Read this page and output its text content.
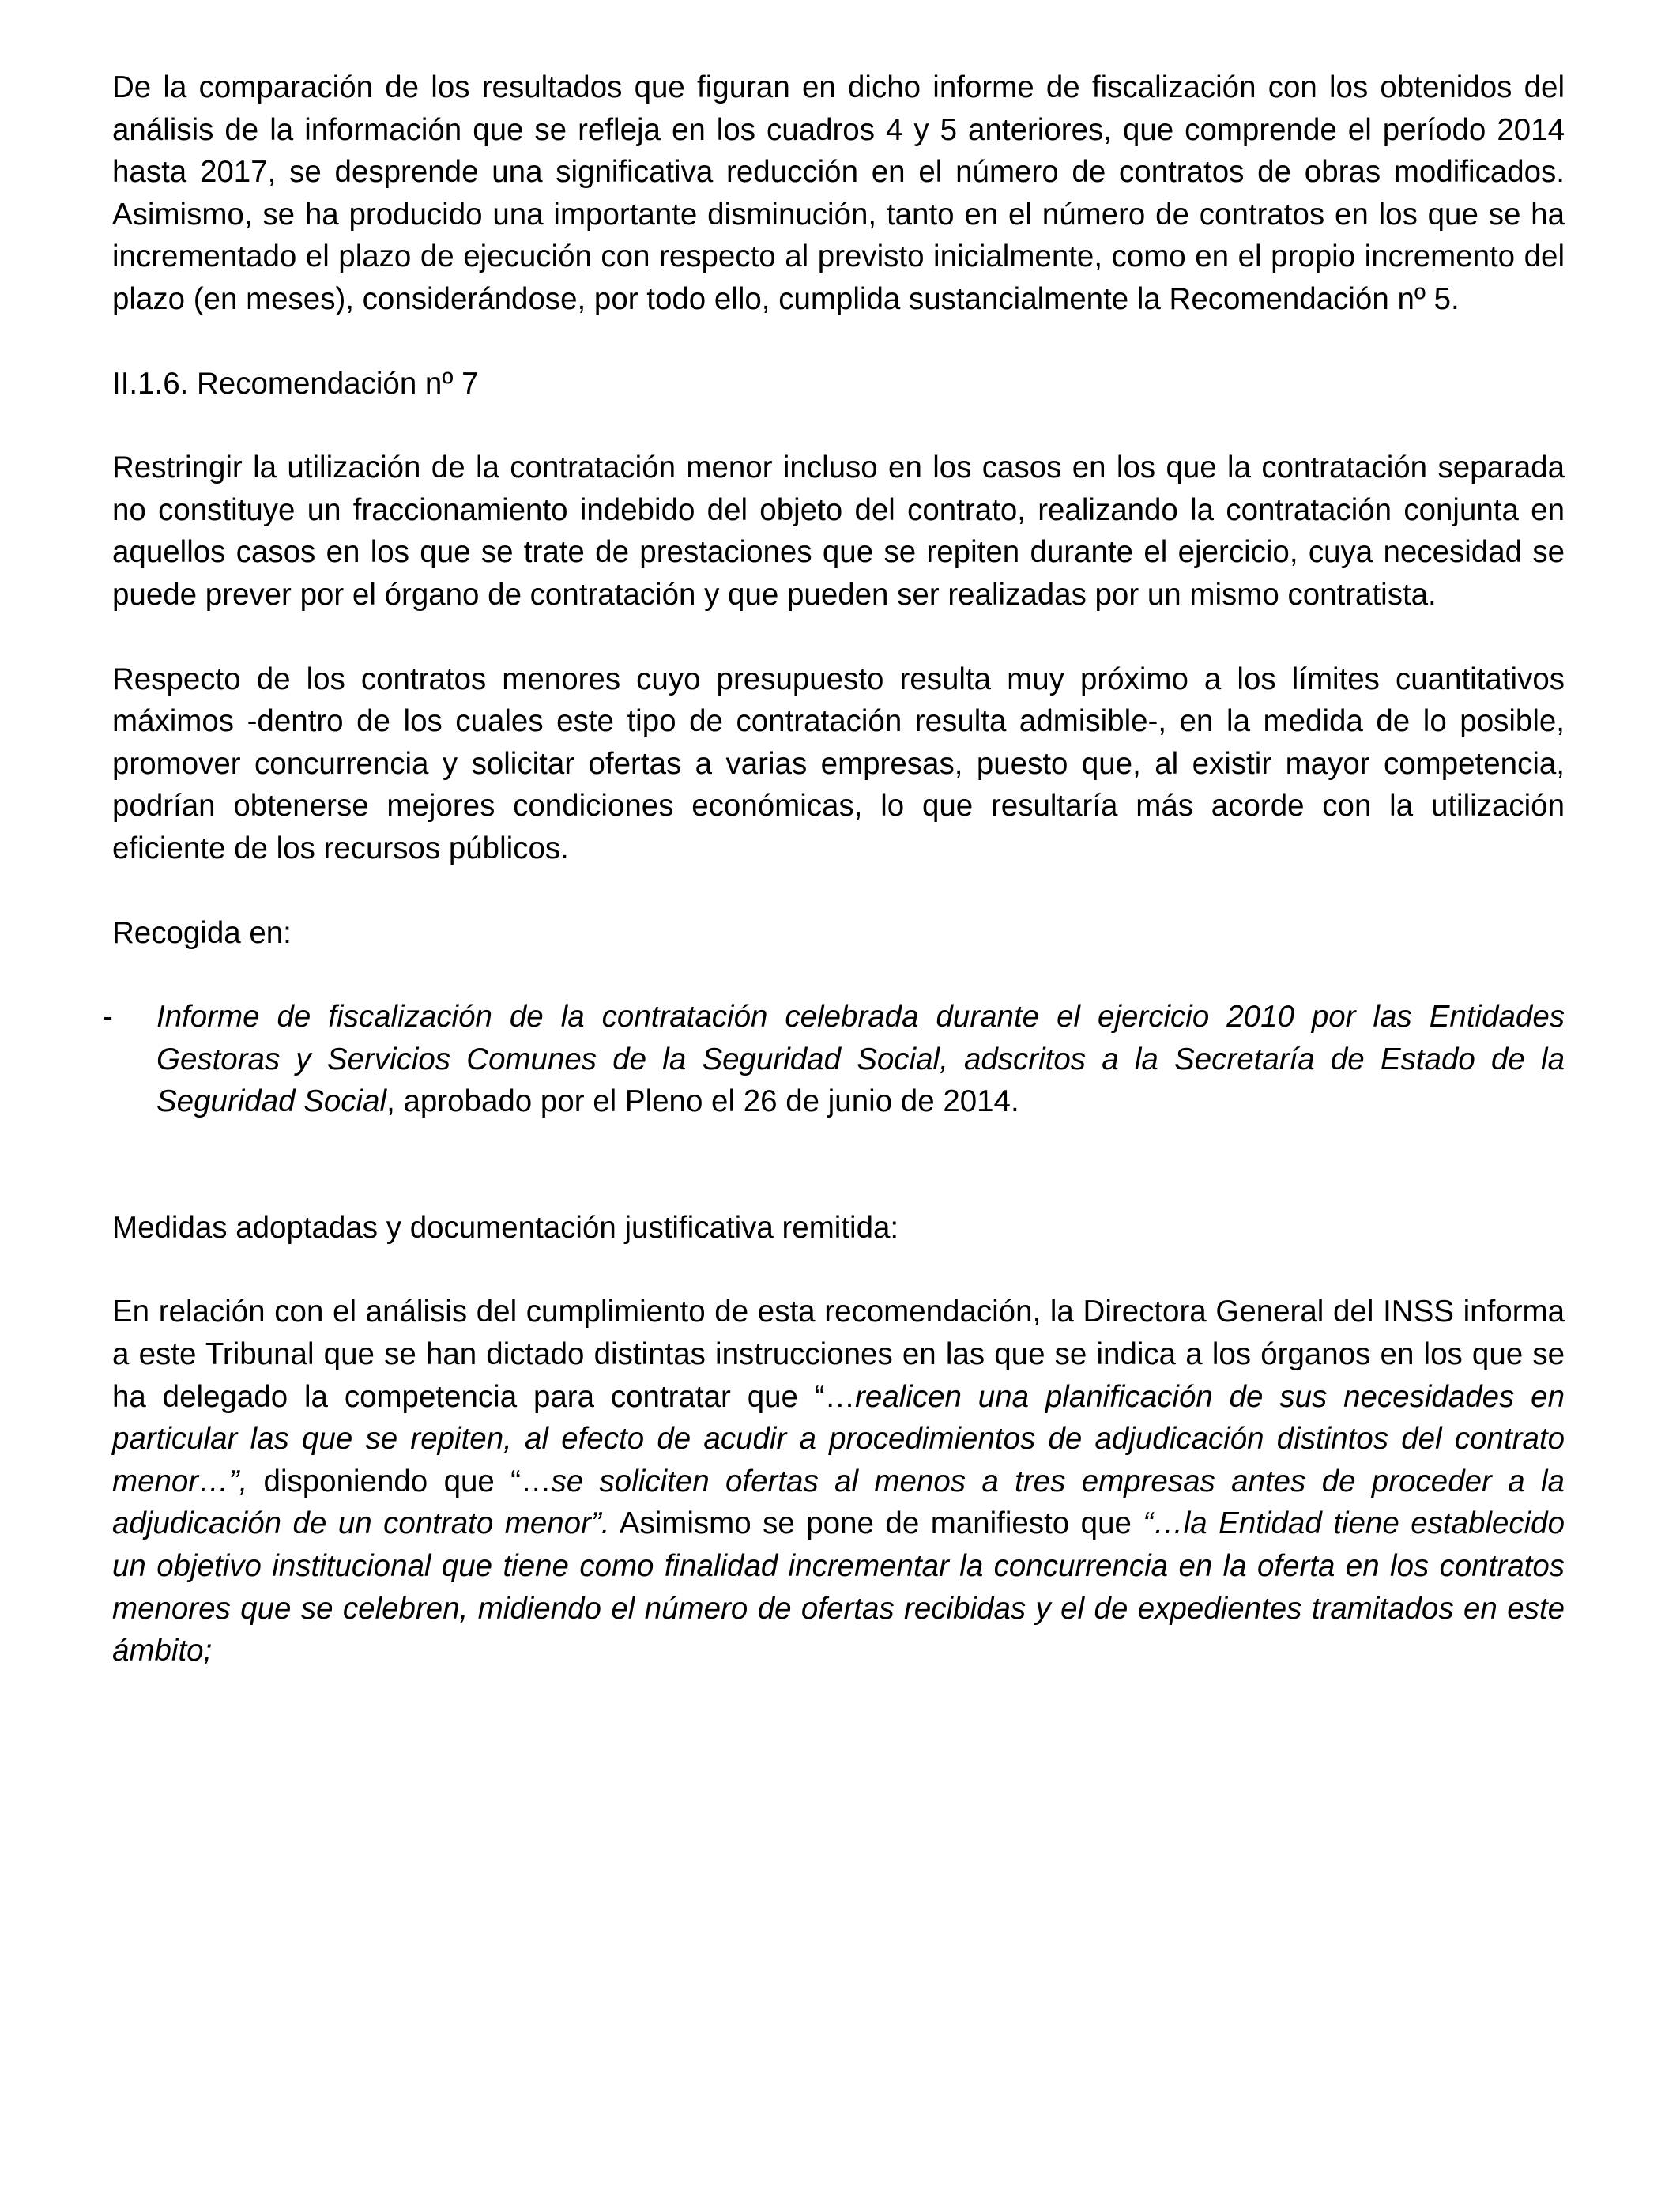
De la comparación de los resultados que figuran en dicho informe de fiscalización con los obtenidos del análisis de la información que se refleja en los cuadros 4 y 5 anteriores, que comprende el período 2014 hasta 2017, se desprende una significativa reducción en el número de contratos de obras modificados. Asimismo, se ha producido una importante disminución, tanto en el número de contratos en los que se ha incrementado el plazo de ejecución con respecto al previsto inicialmente, como en el propio incremento del plazo (en meses), considerándose, por todo ello, cumplida sustancialmente la Recomendación nº 5.

II.1.6. Recomendación nº 7

Restringir la utilización de la contratación menor incluso en los casos en los que la contratación separada no constituye un fraccionamiento indebido del objeto del contrato, realizando la contratación conjunta en aquellos casos en los que se trate de prestaciones que se repiten durante el ejercicio, cuya necesidad se puede prever por el órgano de contratación y que pueden ser realizadas por un mismo contratista.

Respecto de los contratos menores cuyo presupuesto resulta muy próximo a los límites cuantitativos máximos -dentro de los cuales este tipo de contratación resulta admisible-, en la medida de lo posible, promover concurrencia y solicitar ofertas a varias empresas, puesto que, al existir mayor competencia, podrían obtenerse mejores condiciones económicas, lo que resultaría más acorde con la utilización eficiente de los recursos públicos.

Recogida en:

- Informe de fiscalización de la contratación celebrada durante el ejercicio 2010 por las Entidades Gestoras y Servicios Comunes de la Seguridad Social, adscritos a la Secretaría de Estado de la Seguridad Social, aprobado por el Pleno el 26 de junio de 2014.

Medidas adoptadas y documentación justificativa remitida:

En relación con el análisis del cumplimiento de esta recomendación, la Directora General del INSS informa a este Tribunal que se han dictado distintas instrucciones en las que se indica a los órganos en los que se ha delegado la competencia para contratar que “…realicen una planificación de sus necesidades en particular las que se repiten, al efecto de acudir a procedimientos de adjudicación distintos del contrato menor…”, disponiendo que “…se soliciten ofertas al menos a tres empresas antes de proceder a la adjudicación de un contrato menor”. Asimismo se pone de manifiesto que “…la Entidad tiene establecido un objetivo institucional que tiene como finalidad incrementar la concurrencia en la oferta en los contratos menores que se celebren, midiendo el número de ofertas recibidas y el de expedientes tramitados en este ámbito;
